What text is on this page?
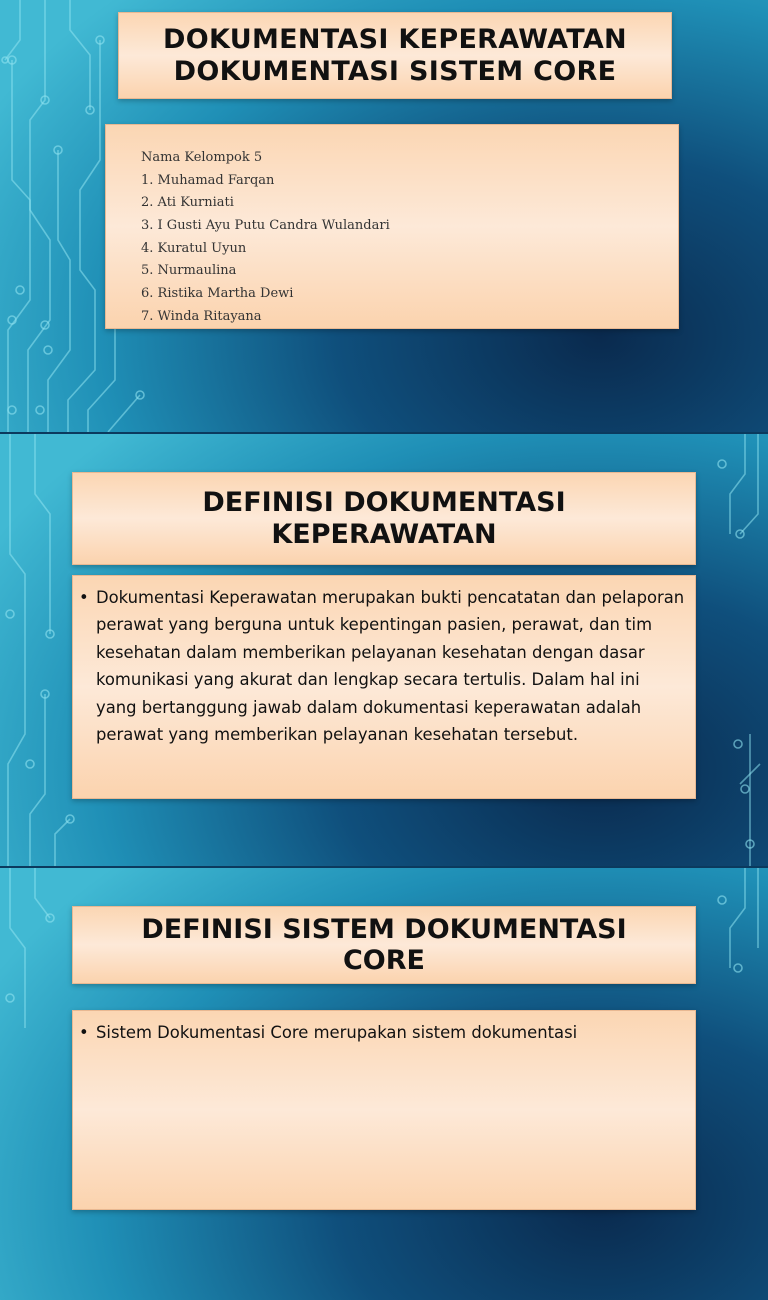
DOKUMENTASI KEPERAWATAN
DOKUMENTASI SISTEM CORE
Nama Kelompok 5
1. Muhamad Farqan
2. Ati Kurniati
3. I Gusti Ayu Putu Candra Wulandari
4. Kuratul Uyun
5. Nurmaulina
6. Ristika Martha Dewi
7. Winda Ritayana
DEFINISI DOKUMENTASI
KEPERAWATAN
• Dokumentasi Keperawatan merupakan bukti pencatatan dan pelaporan perawat yang berguna untuk kepentingan pasien, perawat, dan tim kesehatan dalam memberikan pelayanan kesehatan dengan dasar komunikasi yang akurat dan lengkap secara tertulis. Dalam hal ini yang bertanggung jawab dalam dokumentasi keperawatan adalah perawat yang memberikan pelayanan kesehatan tersebut.
DEFINISI SISTEM DOKUMENTASI
CORE
• Sistem Dokumentasi Core merupakan sistem dokumentasi
